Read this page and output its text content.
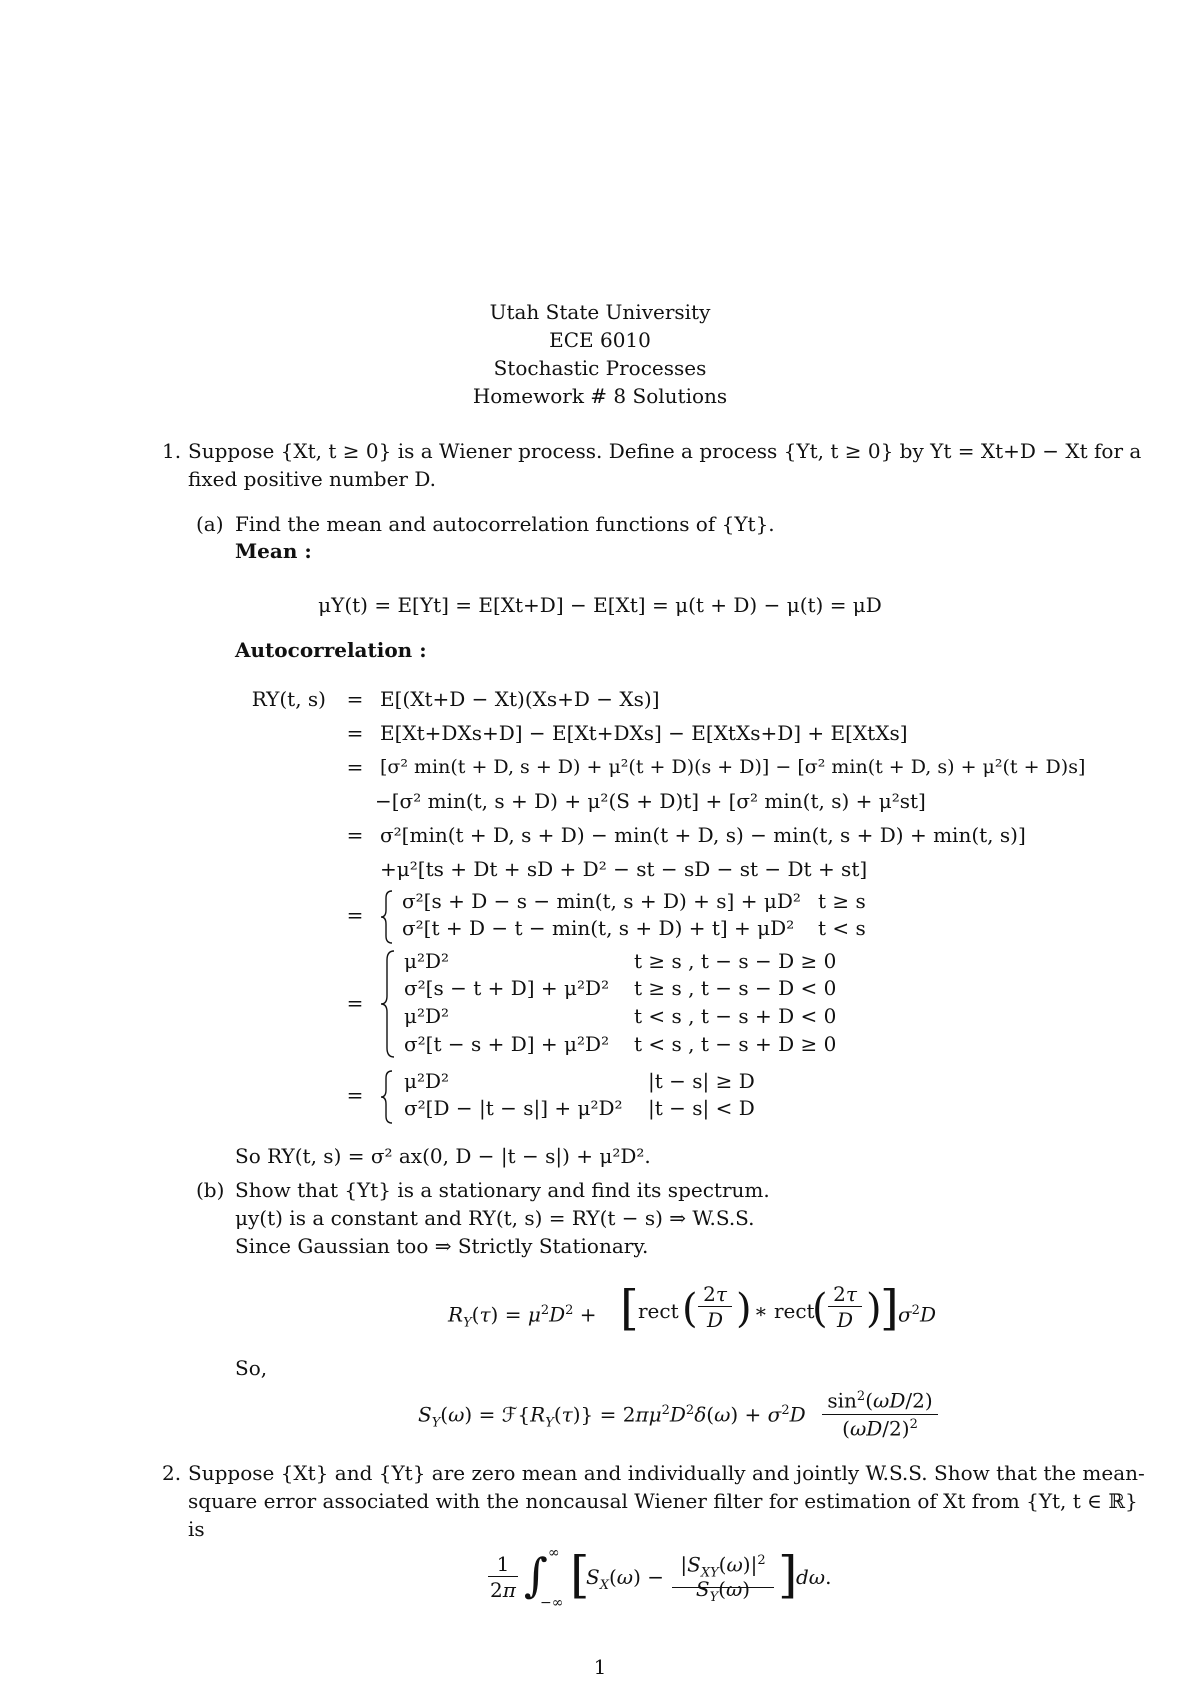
Utah State University
ECE 6010
Stochastic Processes
Homework # 8 Solutions
1. Suppose {Xt, t ≥ 0} is a Wiener process. Define a process {Yt, t ≥ 0} by Yt = Xt+D − Xt for a
fixed positive number D.
(a) Find the mean and autocorrelation functions of {Yt}.
Mean :
μY(t) = E[Yt] = E[Xt+D] − E[Xt] = μ(t + D) − μ(t) = μD
Autocorrelation :
RY(t, s)	= E[(Xt+D − Xt)(Xs+D − Xs)]
= E[Xt+DXs+D] − E[Xt+DXs] − E[XtXs+D] + E[XtXs]
= [σ² min(t + D, s + D) + μ²(t + D)(s + D)] − [σ² min(t + D, s) + μ²(t + D)s]
−[σ² min(t, s + D) + μ²(S + D)t] + [σ² min(t, s) + μ²st]
= σ²[min(t + D, s + D) − min(t + D, s) − min(t, s + D) + min(t, s)]
+μ²[ts + Dt + sD + D² − st − sD − st − Dt + st]
=
σ²[s + D − s − min(t, s + D) + s] + μD² t ≥ s
σ²[t + D − t − min(t, s + D) + t] + μD² t < s
=
μ²D²	t ≥ s , t − s − D ≥ 0
σ²[s − t + D] + μ²D² t ≥ s , t − s − D < 0
μ²D²	t < s , t − s + D < 0
σ²[t − s + D] + μ²D² t < s , t − s + D ≥ 0
=
μ²D²	|t − s| ≥ D
σ²[D − |t − s|] + μ²D² |t − s| < D
So RY(t, s) = σ² ax(0, D − |t − s|) + μ²D².
(b) Show that {Yt} is a stationary and find its spectrum.
μy(t) is a constant and RY(t, s) = RY(t − s) ⇒ W.S.S.
Since Gaussian too ⇒ Strictly Stationary.
$R_Y(\tau) = \mu^2D^2$ + [ rect ( 2τ
D ) ∗ rect
( 2τ
D )
] $\sigma^2D$
So,
$S_Y(\omega)$ = $ℱ\{R_Y(\tau)\} = 2\pi\mu^2D^2\delta(\omega) + \sigma^2D$
$\sin^2(\omega D/2)$
$(\omega D/2)^2$
2. Suppose {Xt} and {Yt} are zero mean and individually and jointly W.S.S. Show that the mean-
square error associated with the noncausal Wiener filter for estimation of Xt from {Yt, t ∈ ℝ}
is
1
2π ∫ ∞
−∞ [
$S_X(\omega)$ −
$|S_{XY}(\omega)|^2$
$S_Y(\omega)$ ]
dω.
1
